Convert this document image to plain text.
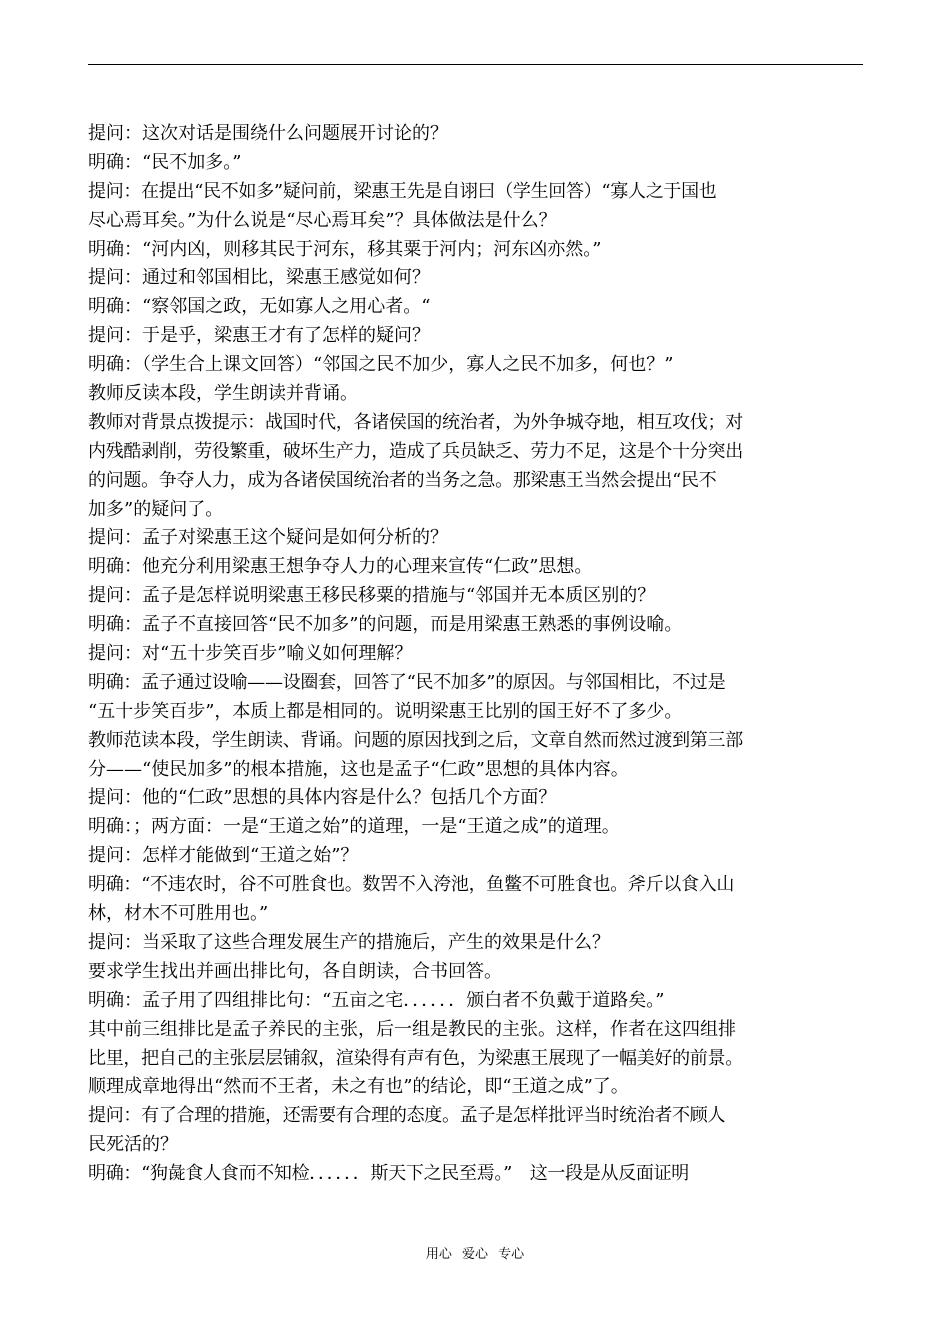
提问：这次对话是围绕什么问题展开讨论的？
明确：“民不加多。”
提问：在提出“民不如多”疑问前，梁惠王先是自诩曰（学生回答）“寡人之于国也
尽心焉耳矣。”为什么说是“尽心焉耳矣”？具体做法是什么？
明确：“河内凶，则移其民于河东，移其粟于河内；河东凶亦然。”
提问：通过和邻国相比，梁惠王感觉如何？
明确：“察邻国之政，无如寡人之用心者。“
提问：于是乎，梁惠王才有了怎样的疑问？
明确：（学生合上课文回答）“邻国之民不加少，寡人之民不加多，何也？”
教师反读本段，学生朗读并背诵。
教师对背景点拨提示：战国时代，各诸侯国的统治者，为外争城夺地，相互攻伐；对
内残酷剥削，劳役繁重，破坏生产力，造成了兵员缺乏、劳力不足，这是个十分突出
的问题。争夺人力，成为各诸侯国统治者的当务之急。那梁惠王当然会提出“民不
加多”的疑问了。
提问：孟子对梁惠王这个疑问是如何分析的？
明确：他充分利用梁惠王想争夺人力的心理来宣传“仁政”思想。
提问：孟子是怎样说明梁惠王移民移粟的措施与“邻国并无本质区别的？
明确：孟子不直接回答“民不加多”的问题，而是用梁惠王熟悉的事例设喻。
提问：对“五十步笑百步”喻义如何理解？
明确：孟子通过设喻——设圈套，回答了“民不加多”的原因。与邻国相比，不过是
“五十步笑百步”，本质上都是相同的。说明梁惠王比别的国王好不了多少。
教师范读本段，学生朗读、背诵。问题的原因找到之后，文章自然而然过渡到第三部
分——“使民加多”的根本措施，这也是孟子“仁政”思想的具体内容。
提问：他的“仁政”思想的具体内容是什么？包括几个方面？
明确：；两方面：一是“王道之始”的道理，一是“王道之成”的道理。
提问：怎样才能做到“王道之始”？
明确：“不违农时，谷不可胜食也。数罟不入洿池，鱼鳖不可胜食也。斧斤以食入山
林，材木不可胜用也。”
提问：当采取了这些合理发展生产的措施后，产生的效果是什么？
要求学生找出并画出排比句，各自朗读，合书回答。
明确：孟子用了四组排比句：“五亩之宅．．．．．．颁白者不负戴于道路矣。”
其中前三组排比是孟子养民的主张，后一组是教民的主张。这样，作者在这四组排
比里，把自己的主张层层铺叙，渲染得有声有色，为梁惠王展现了一幅美好的前景。
顺理成章地得出“然而不王者，未之有也”的结论，即“王道之成”了。
提问：有了合理的措施，还需要有合理的态度。孟子是怎样批评当时统治者不顾人
民死活的？
明确：“狗彘食人食而不知检．．．．．．斯天下之民至焉。”　这一段是从反面证明
用心 爱心 专心
